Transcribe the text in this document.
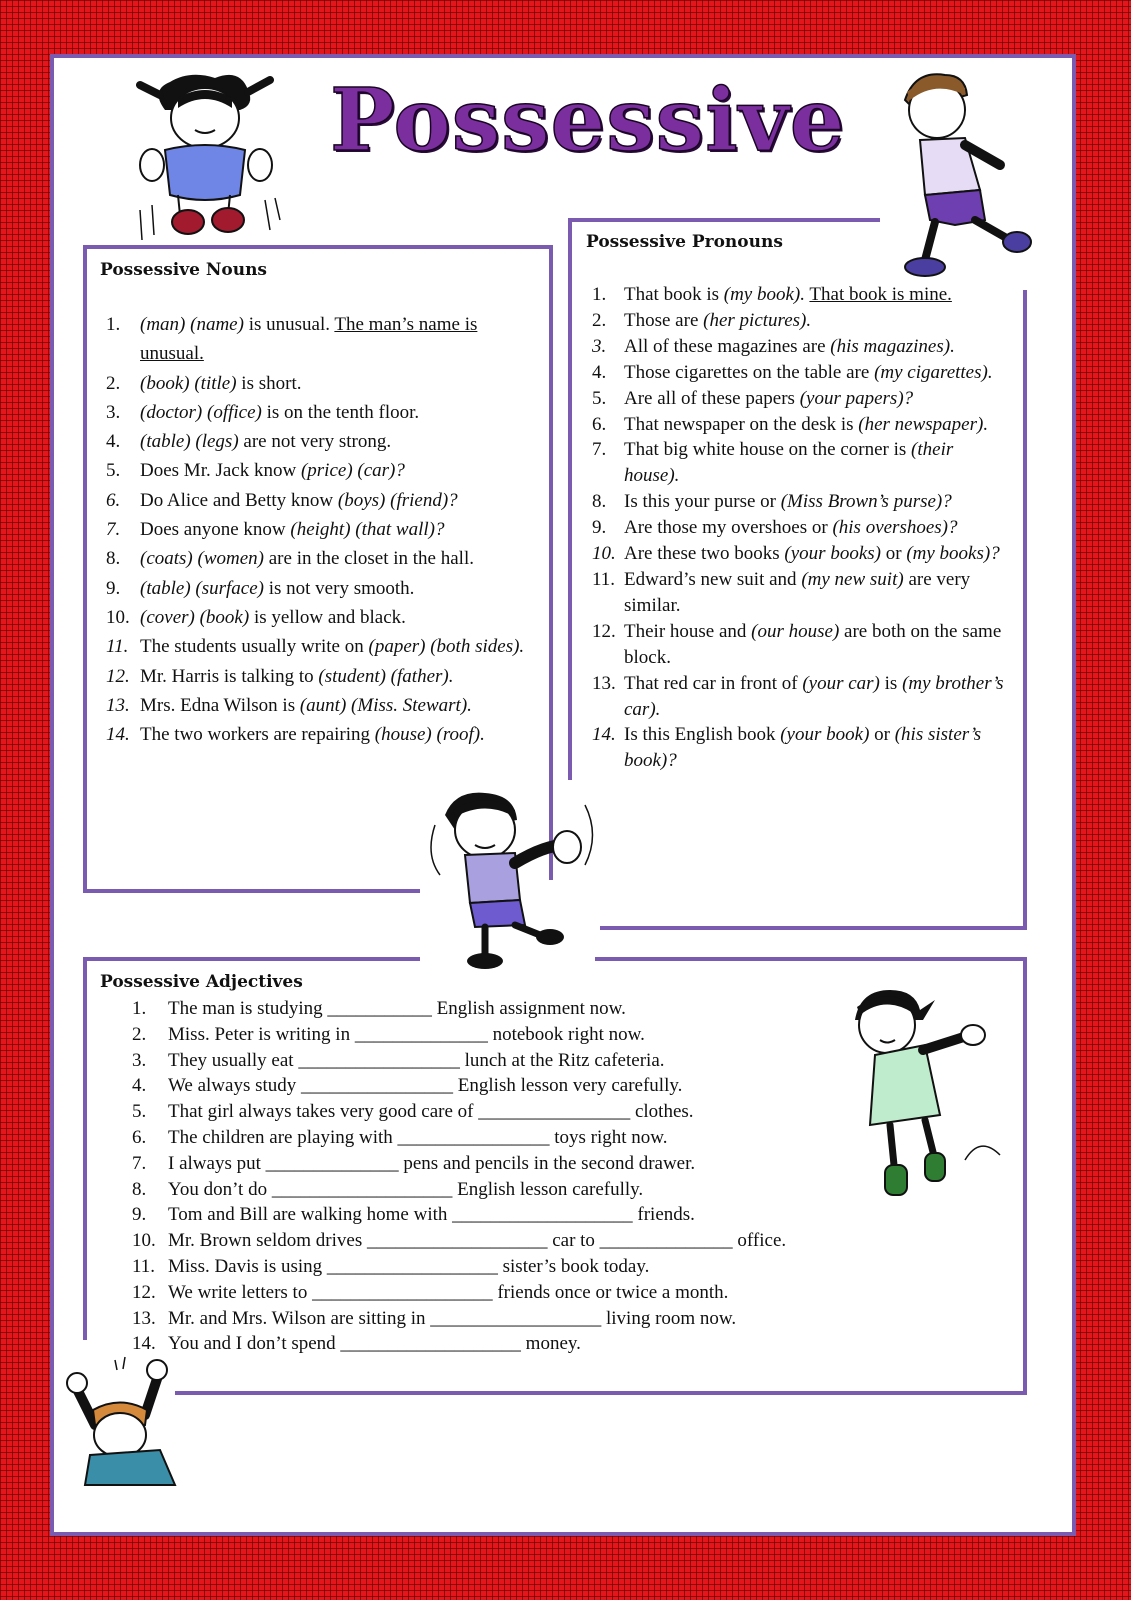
Possessive
Possessive Nouns
1. (man) (name) is unusual. The man’s name is unusual.
2. (book) (title) is short.
3. (doctor) (office) is on the tenth floor.
4. (table) (legs) are not very strong.
5. Does Mr. Jack know (price) (car)?
6. Do Alice and Betty know (boys) (friend)?
7. Does anyone know (height) (that wall)?
8. (coats) (women) are in the closet in the hall.
9. (table) (surface) is not very smooth.
10. (cover) (book) is yellow and black.
11. The students usually write on (paper) (both sides).
12. Mr. Harris is talking to (student) (father).
13. Mrs. Edna Wilson is (aunt) (Miss. Stewart).
14. The two workers are repairing (house) (roof).
Possessive Pronouns
1. That book is (my book). That book is mine.
2. Those are (her pictures).
3. All of these magazines are (his magazines).
4. Those cigarettes on the table are (my cigarettes).
5. Are all of these papers (your papers)?
6. That newspaper on the desk is (her newspaper).
7. That big white house on the corner is (their house).
8. Is this your purse or (Miss Brown’s purse)?
9. Are those my overshoes or (his overshoes)?
10. Are these two books (your books) or (my books)?
11. Edward’s new suit and (my new suit) are very similar.
12. Their house and (our house) are both on the same block.
13. That red car in front of (your car) is (my brother’s car).
14. Is this English book (your book) or (his sister’s book)?
Possessive Adjectives
1. The man is studying ___________ English assignment now.
2. Miss. Peter is writing in ______________ notebook right now.
3. They usually eat _________________ lunch at the Ritz cafeteria.
4. We always study ________________ English lesson very carefully.
5. That girl always takes very good care of ________________ clothes.
6. The children are playing with ________________ toys right now.
7. I always put ______________ pens and pencils in the second drawer.
8. You don’t do ___________________ English lesson carefully.
9. Tom and Bill are walking home with ___________________ friends.
10. Mr. Brown seldom drives ___________________ car to ______________ office.
11. Miss. Davis is using __________________ sister’s book today.
12. We write letters to ___________________ friends once or twice a month.
13. Mr. and Mrs. Wilson are sitting in __________________ living room now.
14. You and I don’t spend ___________________ money.
